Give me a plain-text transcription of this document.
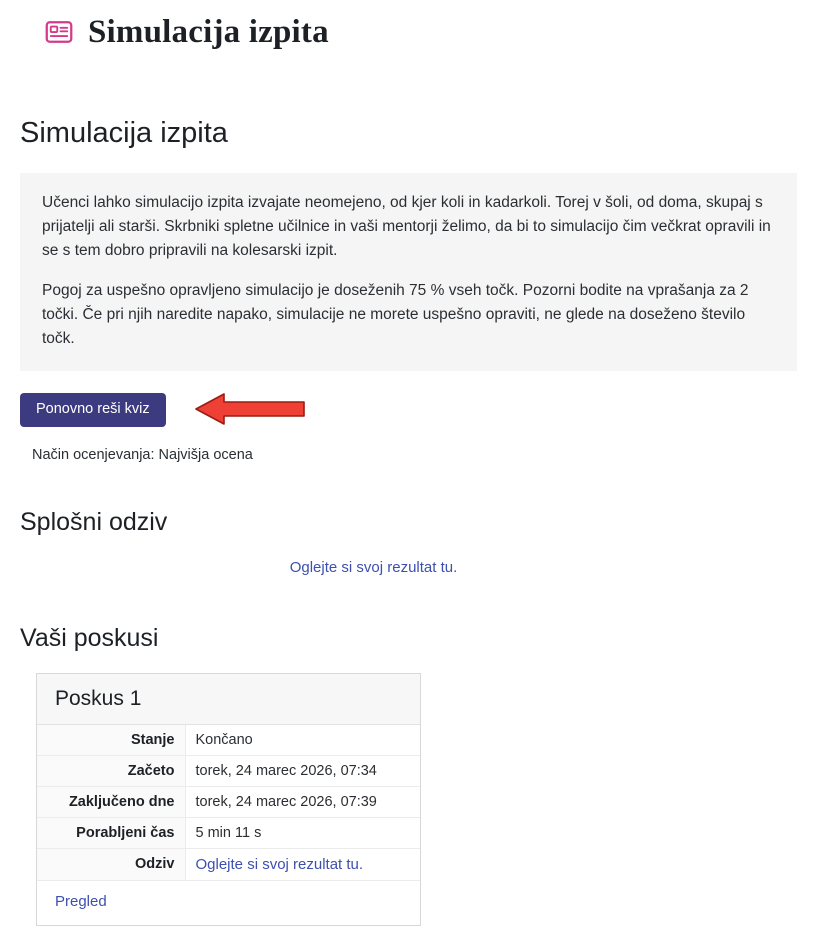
Simulacija izpita
Simulacija izpita

Učenci lahko simulacijo izpita izvajate neomejeno, od kjer koli in kadarkoli. Torej v šoli, od doma, skupaj s prijatelji ali starši. Skrbniki spletne učilnice in vaši mentorji želimo, da bi to simulacijo čim večkrat opravili in se s tem dobro pripravili na kolesarski izpit.

Pogoj za uspešno opravljeno simulacijo je doseženih 75 % vseh točk. Pozorni bodite na vprašanja za 2 točki. Če pri njih naredite napako, simulacije ne morete uspešno opraviti, ne glede na doseženo število točk.

Ponovno reši kviz
Način ocenjevanja: Najvišja ocena
Splošni odziv
Oglejte si svoj rezultat tu.
Vaši poskusi
Poskus 1
Stanje	Končano
Začeto	torek, 24 marec 2026, 07:34
Zaključeno dne	torek, 24 marec 2026, 07:39
Porabljeni čas	5 min 11 s
Odziv	Oglejte si svoj rezultat tu.
Pregled
